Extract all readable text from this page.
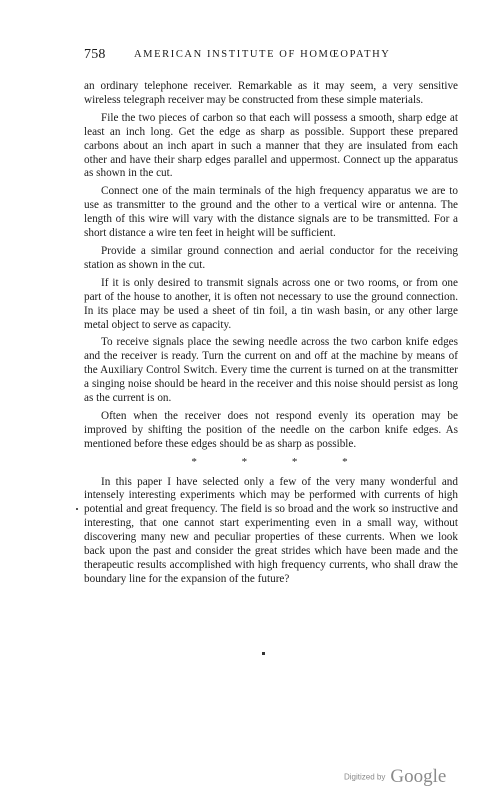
758	AMERICAN INSTITUTE OF HOMŒOPATHY

an ordinary telephone receiver. Remarkable as it may seem, a very sensitive wireless telegraph receiver may be constructed from these simple materials.

File the two pieces of carbon so that each will possess a smooth, sharp edge at least an inch long. Get the edge as sharp as possible. Support these prepared carbons about an inch apart in such a manner that they are insulated from each other and have their sharp edges parallel and uppermost. Connect up the apparatus as shown in the cut.

Connect one of the main terminals of the high frequency apparatus we are to use as transmitter to the ground and the other to a vertical wire or antenna. The length of this wire will vary with the distance signals are to be transmitted. For a short distance a wire ten feet in height will be sufficient.

Provide a similar ground connection and aerial conductor for the receiving station as shown in the cut.

If it is only desired to transmit signals across one or two rooms, or from one part of the house to another, it is often not necessary to use the ground connection. In its place may be used a sheet of tin foil, a tin wash basin, or any other large metal object to serve as capacity.

To receive signals place the sewing needle across the two carbon knife edges and the receiver is ready. Turn the current on and off at the machine by means of the Auxiliary Control Switch. Every time the current is turned on at the transmitter a singing noise should be heard in the receiver and this noise should persist as long as the current is on.

Often when the receiver does not respond evenly its operation may be improved by shifting the position of the needle on the carbon knife edges. As mentioned before these edges should be as sharp as possible.

* * * *

In this paper I have selected only a few of the very many wonderful and intensely interesting experiments which may be performed with currents of high potential and great frequency. The field is so broad and the work so instructive and interesting, that one cannot start experimenting even in a small way, without discovering many new and peculiar properties of these currents. When we look back upon the past and consider the great strides which have been made and the therapeutic results accomplished with high frequency currents, who shall draw the boundary line for the expansion of the future?

Digitized by Google
